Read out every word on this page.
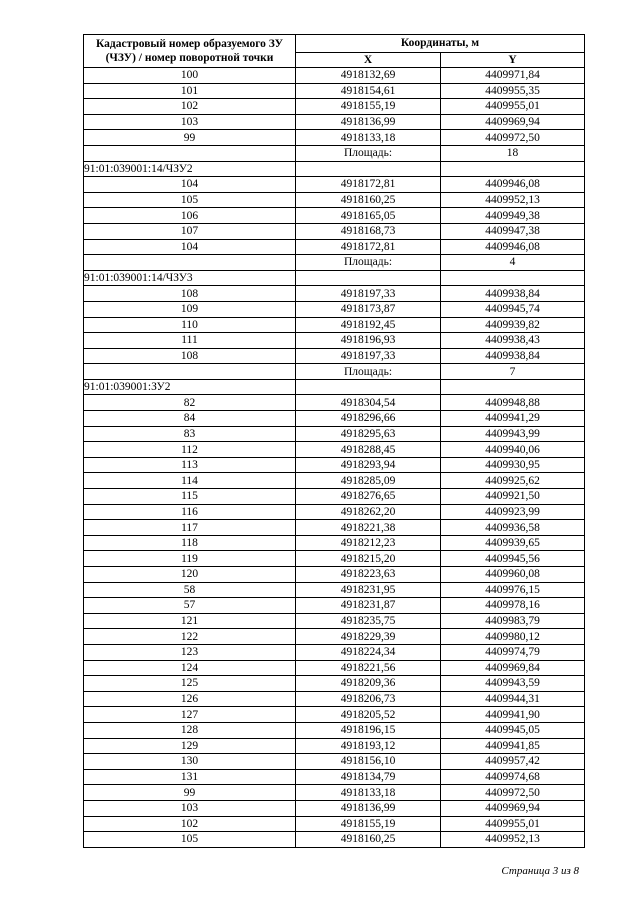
Кадастровый номер образуемого ЗУ (ЧЗУ) / номер поворотной точки	Координаты, м	
	X	Y
100	4918132,69	4409971,84
101	4918154,61	4409955,35
102	4918155,19	4409955,01
103	4918136,99	4409969,94
99	4918133,18	4409972,50
	Площадь:	18
91:01:039001:14/ЧЗУ2		
104	4918172,81	4409946,08
105	4918160,25	4409952,13
106	4918165,05	4409949,38
107	4918168,73	4409947,38
104	4918172,81	4409946,08
	Площадь:	4
91:01:039001:14/ЧЗУ3		
108	4918197,33	4409938,84
109	4918173,87	4409945,74
110	4918192,45	4409939,82
111	4918196,93	4409938,43
108	4918197,33	4409938,84
	Площадь:	7
91:01:039001:ЗУ2		
82	4918304,54	4409948,88
84	4918296,66	4409941,29
83	4918295,63	4409943,99
112	4918288,45	4409940,06
113	4918293,94	4409930,95
114	4918285,09	4409925,62
115	4918276,65	4409921,50
116	4918262,20	4409923,99
117	4918221,38	4409936,58
118	4918212,23	4409939,65
119	4918215,20	4409945,56
120	4918223,63	4409960,08
58	4918231,95	4409976,15
57	4918231,87	4409978,16
121	4918235,75	4409983,79
122	4918229,39	4409980,12
123	4918224,34	4409974,79
124	4918221,56	4409969,84
125	4918209,36	4409943,59
126	4918206,73	4409944,31
127	4918205,52	4409941,90
128	4918196,15	4409945,05
129	4918193,12	4409941,85
130	4918156,10	4409957,42
131	4918134,79	4409974,68
99	4918133,18	4409972,50
103	4918136,99	4409969,94
102	4918155,19	4409955,01
105	4918160,25	4409952,13
Страница 3 из 8
